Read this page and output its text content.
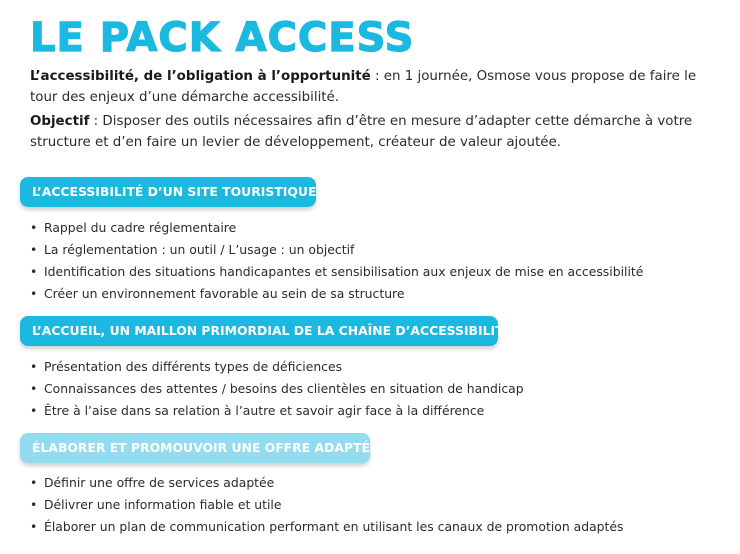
LE PACK ACCESS

L’accessibilité, de l’obligation à l’opportunité : en 1 journée, Osmose vous propose de faire le tour des enjeux d’une démarche accessibilité.

Objectif : Disposer des outils nécessaires afin d’être en mesure d’adapter cette démarche à votre structure et d’en faire un levier de développement, créateur de valeur ajoutée.

L’ACCESSIBILITÉ D’UN SITE TOURISTIQUE
• Rappel du cadre réglementaire
• La réglementation : un outil / L’usage : un objectif
• Identification des situations handicapantes et sensibilisation aux enjeux de mise en accessibilité
• Créer un environnement favorable au sein de sa structure
L’ACCUEIL, UN MAILLON PRIMORDIAL DE LA CHAÎNE D’ACCESSIBILITÉ
• Présentation des différents types de déficiences
• Connaissances des attentes / besoins des clientèles en situation de handicap
• Être à l’aise dans sa relation à l’autre et savoir agir face à la différence
ÉLABORER ET PROMOUVOIR UNE OFFRE ADAPTÉE
• Définir une offre de services adaptée
• Délivrer une information fiable et utile
• Élaborer un plan de communication performant en utilisant les canaux de promotion adaptés
